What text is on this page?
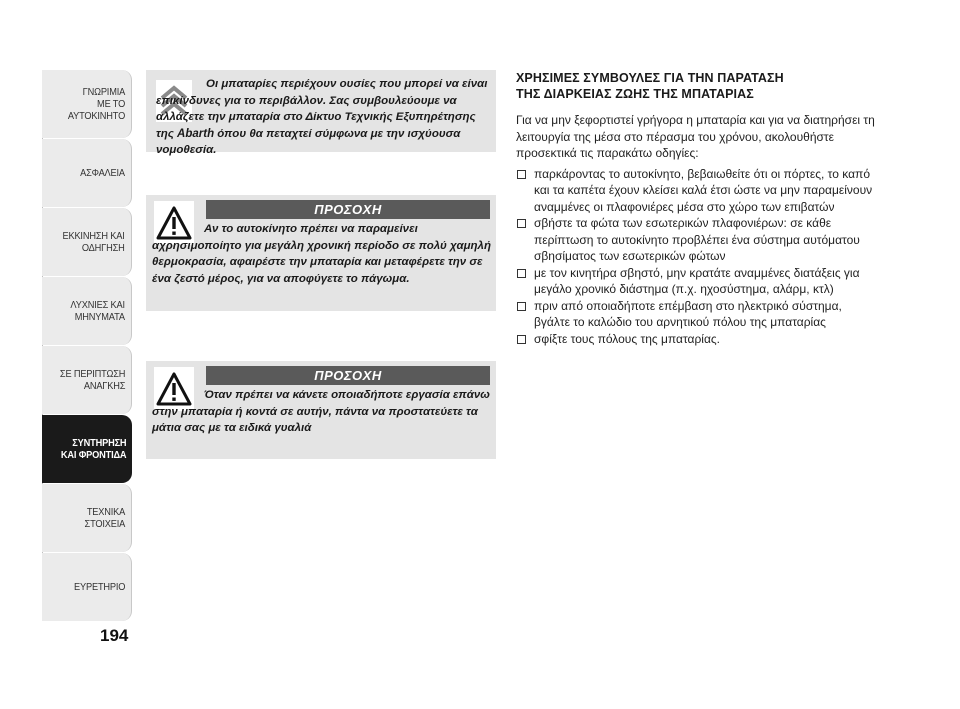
ΓΝΩΡΙΜΙΑ
ΜΕ ΤΟ
ΑΥΤΟΚΙΝΗΤΟ
ΑΣΦΑΛΕΙΑ
ΕΚΚΙΝΗΣΗ ΚΑΙ
ΟΔΗΓΗΣΗ
ΛΥΧΝΙΕΣ ΚΑΙ
ΜΗΝΥΜΑΤΑ
ΣΕ ΠΕΡΙΠΤΩΣΗ
ΑΝΑΓΚΗΣ
ΣΥΝΤΗΡΗΣΗ
ΚΑΙ ΦΡΟΝΤΙΔΑ
ΤΕΧΝΙΚΑ
ΣΤΟΙΧΕΙΑ
ΕΥΡΕΤΗΡΙΟ
194

Οι μπαταρίες περιέχουν ουσίες που μπορεί να είναι επικίνδυνες για το περιβάλλον. Σας συμβουλεύουμε να αλλάζετε την μπαταρία στο Δίκτυο Τεχνικής Εξυπηρέτησης της Abarth όπου θα πεταχτεί σύμφωνα με την ισχύουσα νομοθεσία.

ΠΡΟΣΟΧΗ

Αν το αυτοκίνητο πρέπει να παραμείνει αχρησιμοποίητο για μεγάλη χρονική περίοδο σε πολύ χαμηλή θερμοκρασία, αφαιρέστε την μπαταρία και μεταφέρετε την σε ένα ζεστό μέρος, για να αποφύγετε το πάγωμα.

ΠΡΟΣΟΧΗ

Όταν πρέπει να κάνετε οποιαδήποτε εργασία επάνω στην μπαταρία ή κοντά σε αυτήν, πάντα να προστατεύετε τα μάτια σας με τα ειδικά γυαλιά

ΧΡΗΣΙΜΕΣ ΣΥΜΒΟΥΛΕΣ ΓΙΑ ΤΗΝ ΠΑΡΑΤΑΣΗ
ΤΗΣ ΔΙΑΡΚΕΙΑΣ ΖΩΗΣ ΤΗΣ ΜΠΑΤΑΡΙΑΣ

Για να μην ξεφορτιστεί γρήγορα η μπαταρία και για να διατηρήσει τη λειτουργία της μέσα στο πέρασμα του χρόνου, ακολουθήστε προσεκτικά τις παρακάτω οδηγίες:

παρκάροντας το αυτοκίνητο, βεβαιωθείτε ότι οι πόρτες, το καπό και τα καπέτα έχουν κλείσει καλά έτσι ώστε να μην παραμείνουν αναμμένες οι πλαφονιέρες μέσα στο χώρο των επιβατών
σβήστε τα φώτα των εσωτερικών πλαφονιέρων: σε κάθε περίπτωση το αυτοκίνητο προβλέπει ένα σύστημα αυτόματου σβησίματος των εσωτερικών φώτων
με τον κινητήρα σβηστό, μην κρατάτε αναμμένες διατάξεις για μεγάλο χρονικό διάστημα (π.χ. ηχοσύστημα, αλάρμ, κτλ)
πριν από οποιαδήποτε επέμβαση στο ηλεκτρικό σύστημα, βγάλτε το καλώδιο του αρνητικού πόλου της μπαταρίας
σφίξτε τους πόλους της μπαταρίας.
